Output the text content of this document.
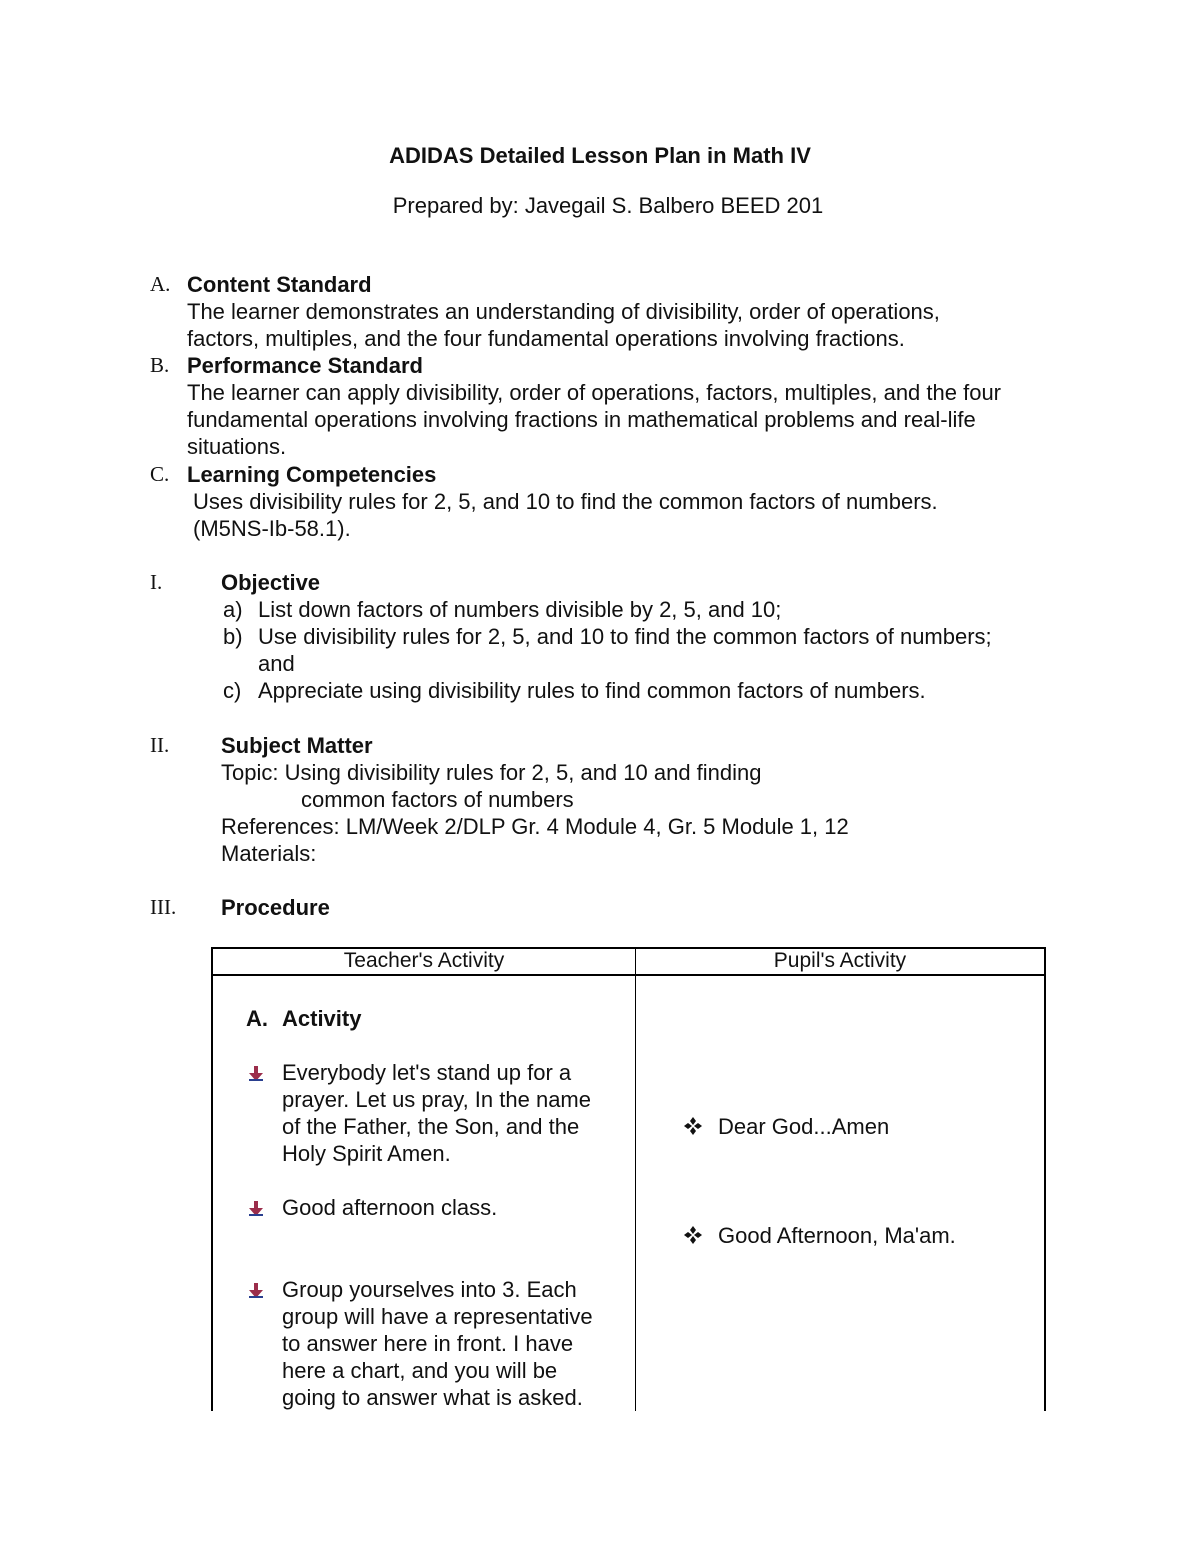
ADIDAS Detailed Lesson Plan in Math IV
Prepared by: Javegail S. Balbero BEED 201
A. Content Standard
The learner demonstrates an understanding of divisibility, order of operations,
factors, multiples, and the four fundamental operations involving fractions.
B. Performance Standard
The learner can apply divisibility, order of operations, factors, multiples, and the four
fundamental operations involving fractions in mathematical problems and real-life
situations.
C. Learning Competencies
Uses divisibility rules for 2, 5, and 10 to find the common factors of numbers.
(M5NS-Ib-58.1).
I.	Objective
a) List down factors of numbers divisible by 2, 5, and 10;
b) Use divisibility rules for 2, 5, and 10 to find the common factors of numbers;
and
c) Appreciate using divisibility rules to find common factors of numbers.
II. Subject Matter
Topic: Using divisibility rules for 2, 5, and 10 and finding
common factors of numbers
References: LM/Week 2/DLP Gr. 4 Module 4, Gr. 5 Module 1, 12
Materials:
III. Procedure
Teacher's Activity	Pupil's Activity
A. Activity
Everybody let's stand up for a
prayer. Let us pray, In the name
of the Father, the Son, and the
Holy Spirit Amen.
Good afternoon class.
Group yourselves into 3. Each
group will have a representative
to answer here in front. I have
here a chart, and you will be
going to answer what is asked.
Dear God...Amen
Good Afternoon, Ma'am.
